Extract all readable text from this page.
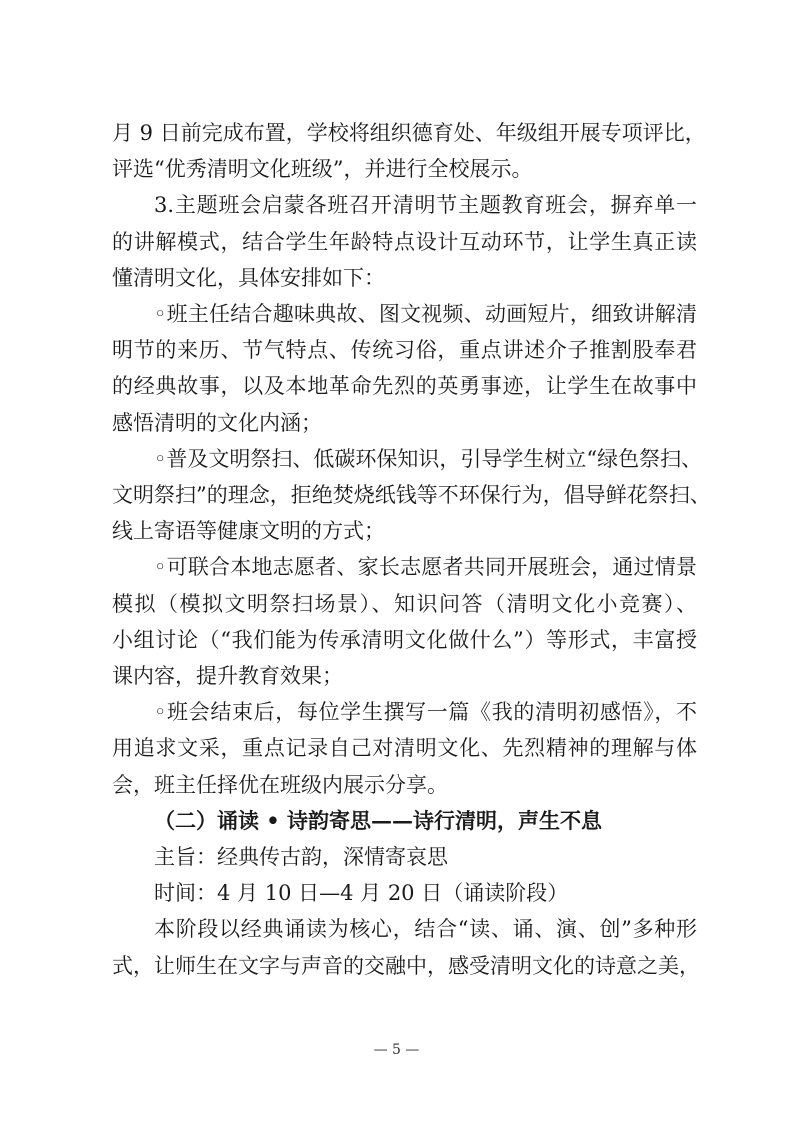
月 9 日前完成布置，学校将组织德育处、年级组开展专项评比，
评选“优秀清明文化班级”，并进行全校展示。
3.主题班会启蒙各班召开清明节主题教育班会，摒弃单一
的讲解模式，结合学生年龄特点设计互动环节，让学生真正读
懂清明文化，具体安排如下：
◦班主任结合趣味典故、图文视频、动画短片，细致讲解清
明节的来历、节气特点、传统习俗，重点讲述介子推割股奉君
的经典故事，以及本地革命先烈的英勇事迹，让学生在故事中
感悟清明的文化内涵；
◦普及文明祭扫、低碳环保知识，引导学生树立“绿色祭扫、
文明祭扫”的理念，拒绝焚烧纸钱等不环保行为，倡导鲜花祭扫、
线上寄语等健康文明的方式；
◦可联合本地志愿者、家长志愿者共同开展班会，通过情景
模拟（模拟文明祭扫场景）、知识问答（清明文化小竞赛）、
小组讨论（“我们能为传承清明文化做什么”）等形式，丰富授
课内容，提升教育效果；
◦班会结束后，每位学生撰写一篇《我的清明初感悟》，不
用追求文采，重点记录自己对清明文化、先烈精神的理解与体
会，班主任择优在班级内展示分享。
（二）诵读 • 诗韵寄思——诗行清明，声生不息
主旨：经典传古韵，深情寄哀思
时间：4 月 10 日—4 月 20 日（诵读阶段）
本阶段以经典诵读为核心，结合“读、诵、演、创”多种形
式，让师生在文字与声音的交融中，感受清明文化的诗意之美，
— 5 —
